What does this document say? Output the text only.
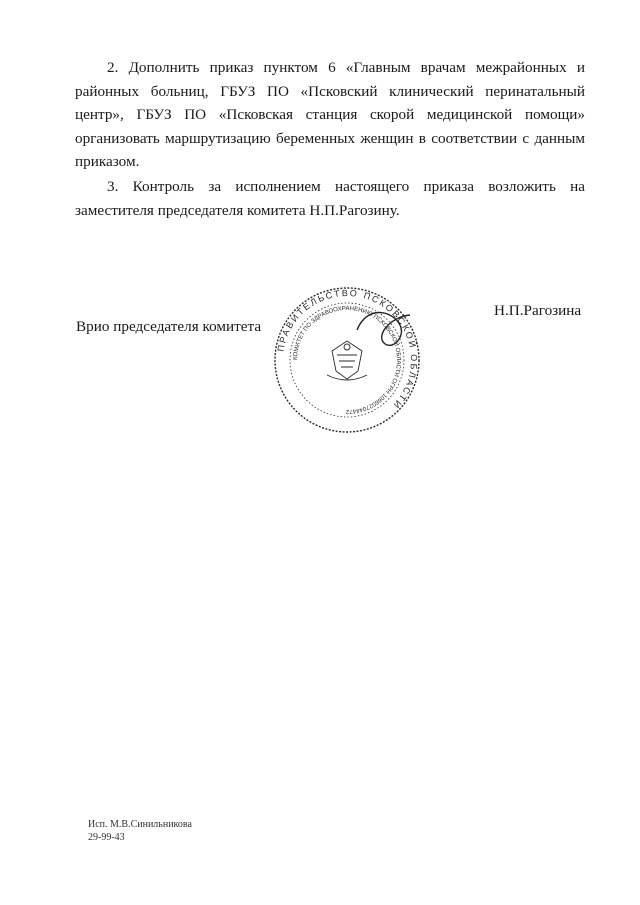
2. Дополнить приказ пунктом 6 «Главным врачам межрайонных и районных больниц, ГБУЗ ПО «Псковский клинический перинатальный центр», ГБУЗ ПО «Псковская станция скорой медицинской помощи» организовать маршрутизацию беременных женщин в соответствии с данным приказом.

3. Контроль за исполнением настоящего приказа возложить на заместителя председателя комитета Н.П.Рагозину.

Врио председателя комитета
ПРАВИТЕЛЬСТВО ПСКОВСКОЙ ОБЛАСТИ
КОМИТЕТ ПО ЗДРАВООХРАНЕНИЮ ПСКОВСКОЙ ОБЛАСТИ ОГРН 1066027044472
Н.П.Рагозина
Исп. М.В.Синильникова
29-99-43
